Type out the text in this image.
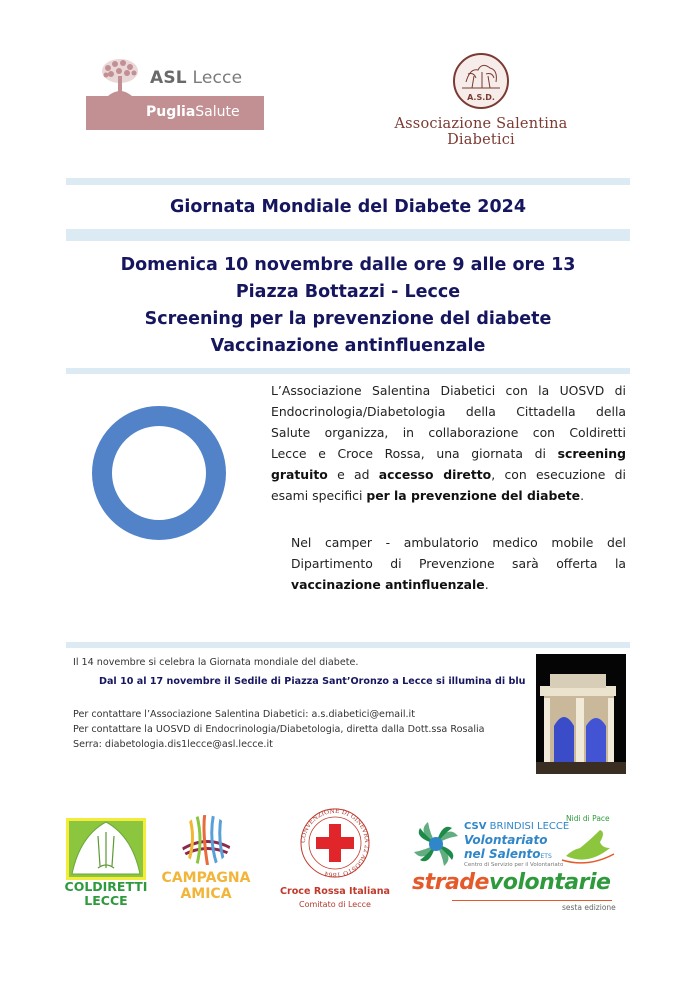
ASL Lecce
PugliaSalute
A.S.D.
Associazione Salentina Diabetici
Giornata Mondiale del Diabete 2024
Domenica 10 novembre dalle ore 9 alle ore 13
Piazza Bottazzi - Lecce
Screening per la prevenzione del diabete
Vaccinazione antinfluenzale
L’Associazione Salentina Diabetici con la UOSVD di
Endocrinologia/Diabetologia della Cittadella della
Salute organizza, in collaborazione con Coldiretti
Lecce e Croce Rossa, una giornata di screening
gratuito e ad accesso diretto, con esecuzione di
esami specifici per la prevenzione del diabete.
Nel camper - ambulatorio medico mobile del
Dipartimento di Prevenzione sarà offerta la
vaccinazione antinfluenzale.
Il 14 novembre si celebra la Giornata mondiale del diabete.
Dal 10 al 17 novembre il Sedile di Piazza Sant’Oronzo a Lecce si illumina di blu
Per contattare l’Associazione Salentina Diabetici: a.s.diabetici@email.it
Per contattare la UOSVD di Endocrinologia/Diabetologia, diretta dalla Dott.ssa Rosalia
Serra: diabetologia.dis1lecce@asl.lecce.it
COLDIRETTI
LECCE
CAMPAGNA
AMICA
CONVENZIONE DI GINEVRA 22 AGOSTO 1864
Croce Rossa Italiana
Comitato di Lecce
CSV BRINDISI LECCE
Volontariato
nel SalentoETS
Centro di Servizio per il Volontariato
Nidi di Pace
stradevolontarie
sesta edizione
